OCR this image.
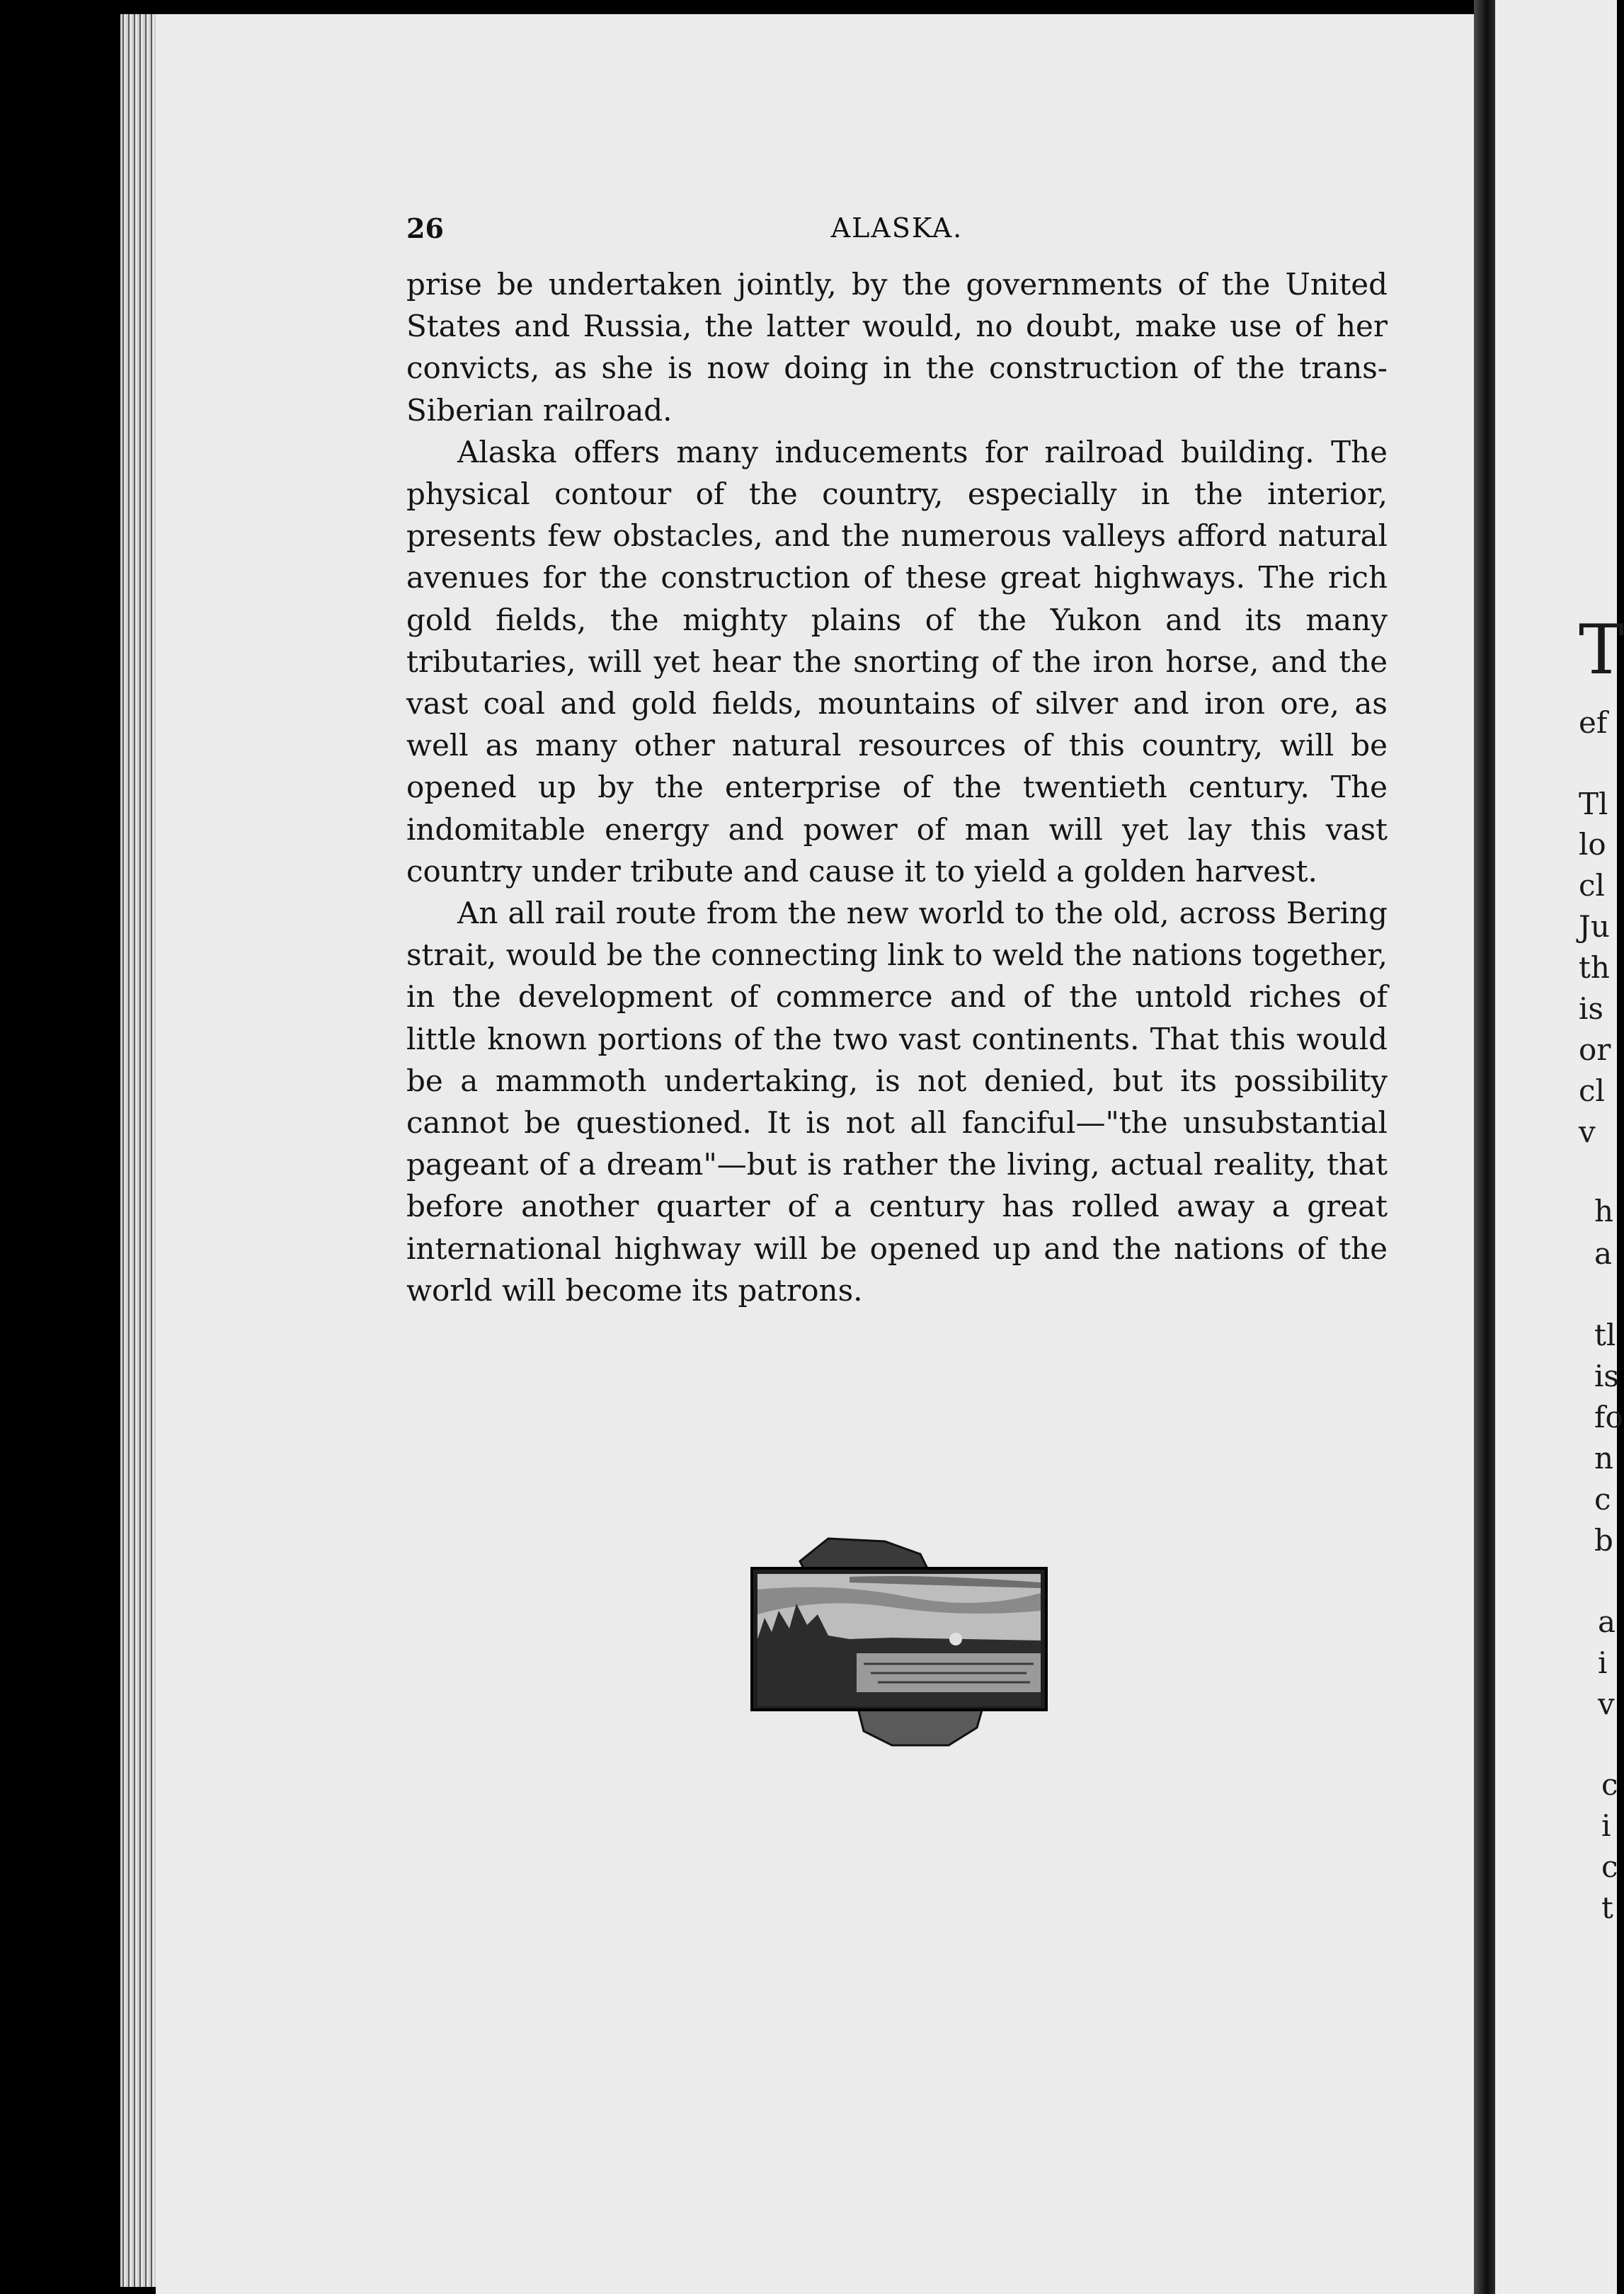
26	ALASKA.

prise be undertaken jointly, by the governments of the United States and Russia, the latter would, no doubt, make use of her convicts, as she is now doing in the construction of the trans-Siberian railroad.

Alaska offers many inducements for railroad building. The physical contour of the country, especially in the interior, presents few obstacles, and the numerous valleys afford natural avenues for the construction of these great highways. The rich gold fields, the mighty plains of the Yukon and its many tributaries, will yet hear the snorting of the iron horse, and the vast coal and gold fields, mountains of silver and iron ore, as well as many other natural resources of this country, will be opened up by the enterprise of the twentieth century. The indomitable energy and power of man will yet lay this vast country under tribute and cause it to yield a golden harvest.

An all rail route from the new world to the old, across Bering strait, would be the connecting link to weld the nations together, in the development of commerce and of the untold riches of little known portions of the two vast continents. That this would be a mammoth undertaking, is not denied, but its possibility cannot be questioned. It is not all fanciful—"the unsubstantial pageant of a dream"—but is rather the living, actual reality, that before another quarter of a century has rolled away a great international highway will be opened up and the nations of the world will become its patrons.

T
ef
Tl
lo
cl
Ju
th
is
or
cl
v
h
a
tl
is
fo
n
c
b
a
i
v
c
i
c
t
